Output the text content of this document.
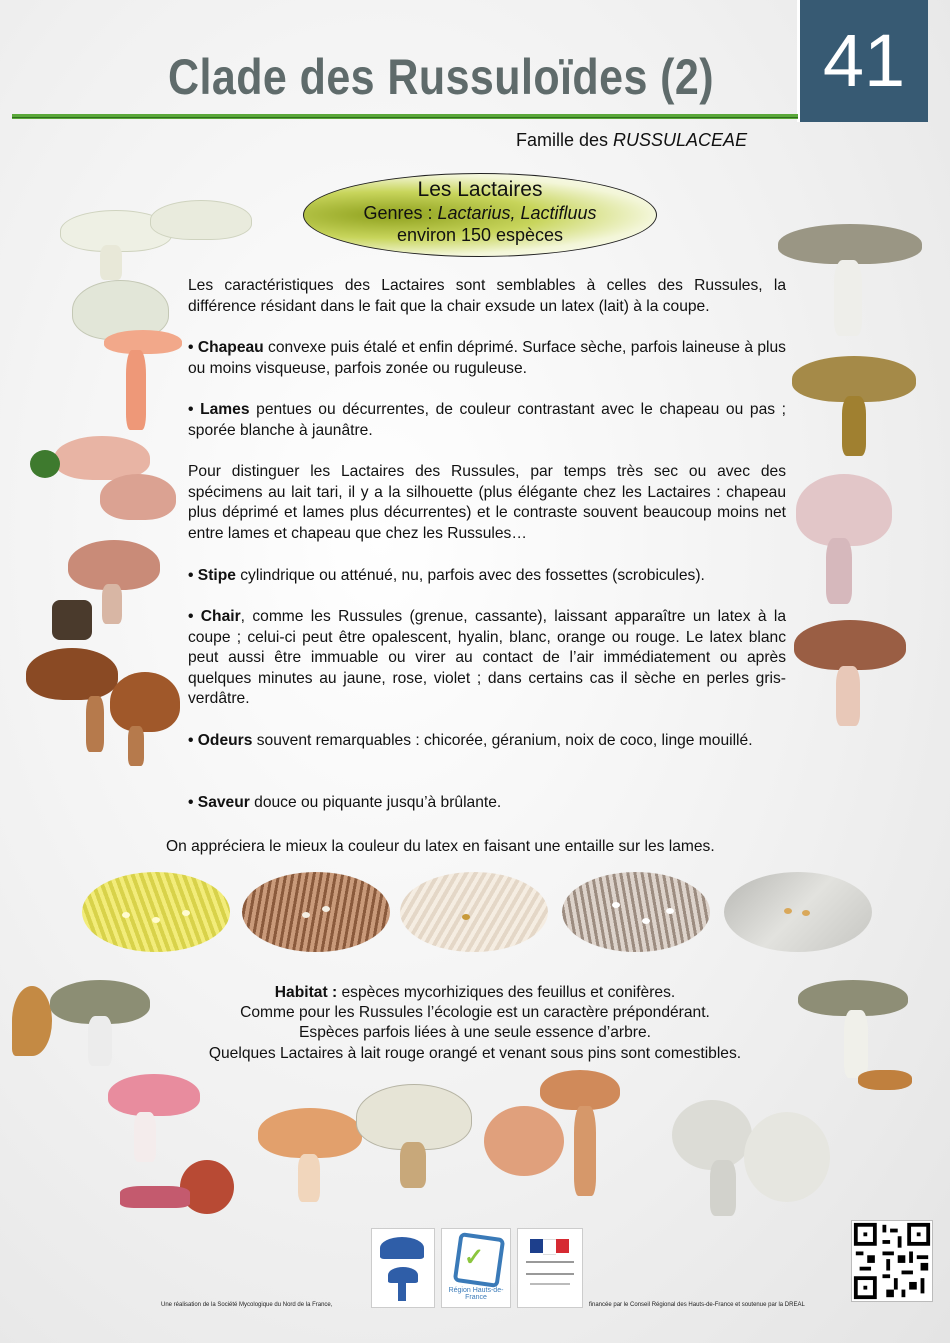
Clade des Russuloïdes (2)	41
Famille des RUSSULACEAE
Les Lactaires
Genres : Lactarius, Lactifluus
environ 150 espèces
Les caractéristiques des Lactaires sont semblables à celles des Russules, la différence résidant dans le fait que la chair exsude un latex (lait) à la coupe.
• Chapeau convexe puis étalé et enfin déprimé. Surface sèche, parfois laineuse à plus ou moins visqueuse, parfois zonée ou ruguleuse.
• Lames pentues ou décurrentes, de couleur contrastant avec le chapeau ou pas ; sporée blanche à jaunâtre.
Pour distinguer les Lactaires des Russules, par temps très sec ou avec des spécimens au lait tari, il y a la silhouette (plus élégante chez les Lactaires : chapeau plus déprimé et lames plus décurrentes) et le contraste souvent beaucoup moins net entre lames et chapeau que chez les Russules…
• Stipe cylindrique ou atténué, nu, parfois avec des fossettes (scrobicules).
• Chair, comme les Russules (grenue, cassante), laissant apparaître un latex à la coupe ; celui-ci peut être opalescent, hyalin, blanc, orange ou rouge. Le latex blanc peut aussi être immuable ou virer au contact de l’air immédiatement ou après quelques minutes au jaune, rose, violet ; dans certains cas il sèche en perles gris-verdâtre.
• Odeurs souvent remarquables : chicorée, géranium, noix de coco, linge mouillé.
• Saveur douce ou piquante jusqu’à brûlante.
On appréciera le mieux la couleur du latex en faisant une entaille sur les lames.
Habitat : espèces mycorhiziques des feuillus et conifères.
Comme pour les Russules l’écologie est un caractère prépondérant.
Espèces parfois liées à une seule essence d’arbre.
Quelques Lactaires à lait rouge orangé et venant sous pins sont comestibles.
✓
Région Hauts-de-France
Une réalisation de la Société Mycologique du Nord de la France,	financée par le Conseil Régional des Hauts-de-France et soutenue par la DREAL
